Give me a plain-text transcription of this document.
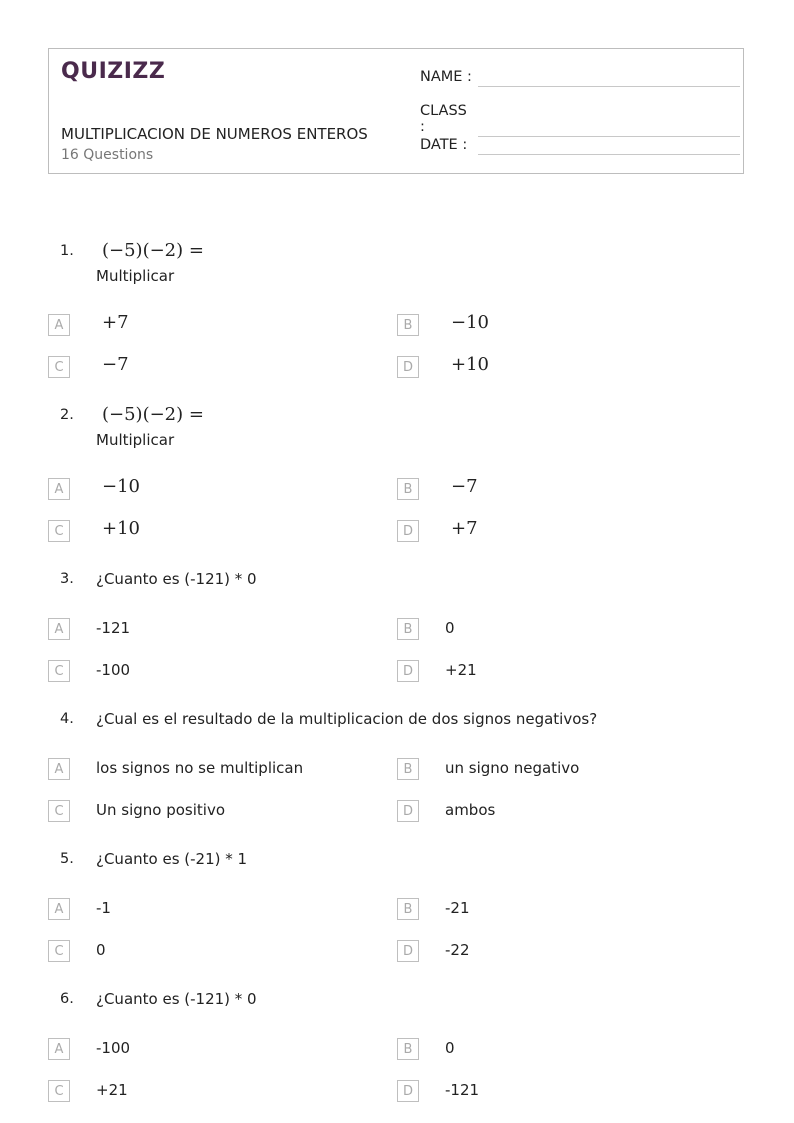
QUIZIZZ
MULTIPLICACION DE NUMEROS ENTEROS
16 Questions
NAME :
CLASS :
DATE :
1. (−5)(−2) =
Multiplicar
A	+7	B	−10
C	−7	D	+10
2. (−5)(−2) =
Multiplicar
A	−10	B	−7
C	+10	D	+7
3. ¿Cuanto es (-121) * 0
A	-121	B	0
C	-100	D	+21
4. ¿Cual es el resultado de la multiplicacion de dos signos negativos?
A	los signos no se multiplican	B	un signo negativo
C	Un signo positivo	D	ambos
5. ¿Cuanto es (-21) * 1
A	-1	B	-21
C	0	D	-22
6. ¿Cuanto es (-121) * 0
A	-100	B	0
C	+21	D	-121
